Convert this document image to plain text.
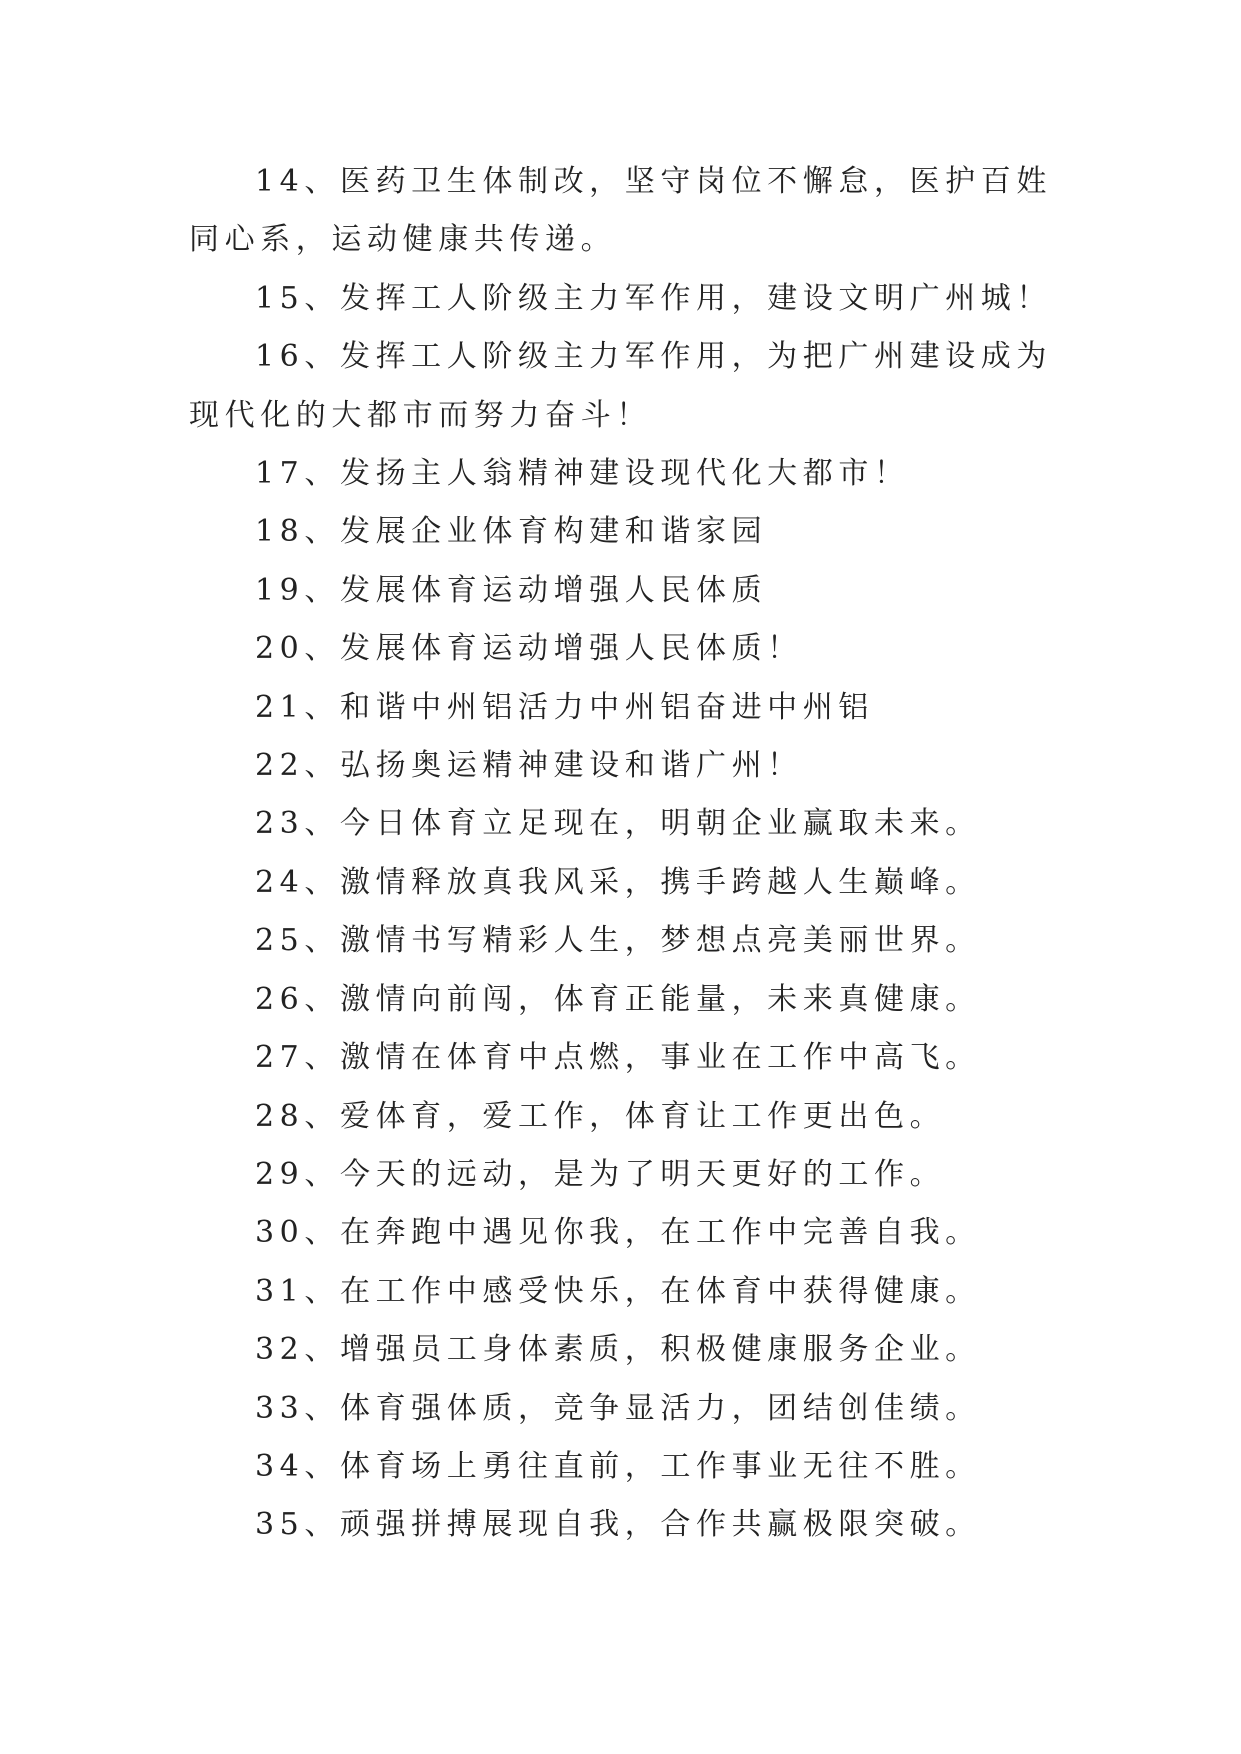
14、医药卫生体制改，坚守岗位不懈怠，医护百姓同心系，运动健康共传递。

15、发挥工人阶级主力军作用，建设文明广州城！

16、发挥工人阶级主力军作用，为把广州建设成为现代化的大都市而努力奋斗！

17、发扬主人翁精神建设现代化大都市！

18、发展企业体育构建和谐家园

19、发展体育运动增强人民体质

20、发展体育运动增强人民体质！

21、和谐中州铝活力中州铝奋进中州铝

22、弘扬奥运精神建设和谐广州！

23、今日体育立足现在，明朝企业赢取未来。

24、激情释放真我风采，携手跨越人生巅峰。

25、激情书写精彩人生，梦想点亮美丽世界。

26、激情向前闯，体育正能量，未来真健康。

27、激情在体育中点燃，事业在工作中高飞。

28、爱体育，爱工作，体育让工作更出色。

29、今天的远动，是为了明天更好的工作。

30、在奔跑中遇见你我，在工作中完善自我。

31、在工作中感受快乐，在体育中获得健康。

32、增强员工身体素质，积极健康服务企业。

33、体育强体质，竞争显活力，团结创佳绩。

34、体育场上勇往直前，工作事业无往不胜。

35、顽强拼搏展现自我，合作共赢极限突破。
